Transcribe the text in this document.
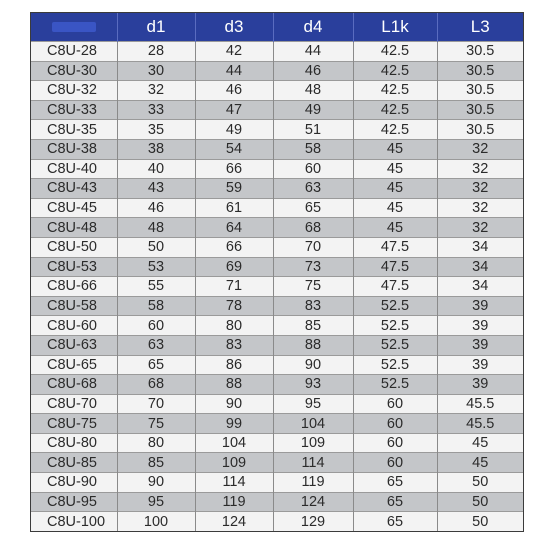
	d1	d3	d4	L1k	L3
C8U-28	28	42	44	42.5	30.5
C8U-30	30	44	46	42.5	30.5
C8U-32	32	46	48	42.5	30.5
C8U-33	33	47	49	42.5	30.5
C8U-35	35	49	51	42.5	30.5
C8U-38	38	54	58	45	32
C8U-40	40	66	60	45	32
C8U-43	43	59	63	45	32
C8U-45	46	61	65	45	32
C8U-48	48	64	68	45	32
C8U-50	50	66	70	47.5	34
C8U-53	53	69	73	47.5	34
C8U-66	55	71	75	47.5	34
C8U-58	58	78	83	52.5	39
C8U-60	60	80	85	52.5	39
C8U-63	63	83	88	52.5	39
C8U-65	65	86	90	52.5	39
C8U-68	68	88	93	52.5	39
C8U-70	70	90	95	60	45.5
C8U-75	75	99	104	60	45.5
C8U-80	80	104	109	60	45
C8U-85	85	109	114	60	45
C8U-90	90	114	119	65	50
C8U-95	95	119	124	65	50
C8U-100	100	124	129	65	50
